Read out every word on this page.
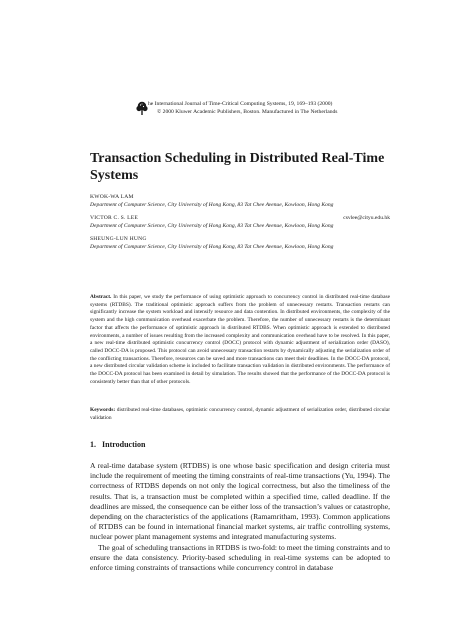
he International Journal of Time-Critical Computing Systems, 19, 169–193 (2000)
© 2000 Kluwer Academic Publishers, Boston. Manufactured in The Netherlands
Transaction Scheduling in Distributed Real-Time Systems
KWOK-WA LAM
Department of Computer Science, City University of Hong Kong, 83 Tat Chee Avenue, Kowloon, Hong Kong
VICTOR C. S. LEE	csvlee@cityu.edu.hk
Department of Computer Science, City University of Hong Kong, 83 Tat Chee Avenue, Kowloon, Hong Kong
SHEUNG-LUN HUNG
Department of Computer Science, City University of Hong Kong, 83 Tat Chee Avenue, Kowloon, Hong Kong
Abstract. In this paper, we study the performance of using optimistic approach to concurrency control in distributed real-time database systems (RTDBS). The traditional optimistic approach suffers from the problem of unnecessary restarts. Transaction restarts can significantly increase the system workload and intensify resource and data contention. In distributed environments, the complexity of the system and the high communication overhead exacerbate the problem. Therefore, the number of unnecessary restarts is the determinant factor that affects the performance of optimistic approach in distributed RTDBS. When optimistic approach is extended to distributed environments, a number of issues resulting from the increased complexity and communication overhead have to be resolved. In this paper, a new real-time distributed optimistic concurrency control (DOCC) protocol with dynamic adjustment of serialization order (DASO), called DOCC-DA is proposed. This protocol can avoid unnecessary transaction restarts by dynamically adjusting the serialization order of the conflicting transactions. Therefore, resources can be saved and more transactions can meet their deadlines. In the DOCC-DA protocol, a new distributed circular validation scheme is included to facilitate transaction validation in distributed environments. The performance of the DOCC-DA protocol has been examined in detail by simulation. The results showed that the performance of the DOCC-DA protocol is consistently better than that of other protocols.
Keywords: distributed real-time databases, optimistic concurrency control, dynamic adjustment of serialization order, distributed circular validation
1. Introduction

A real-time database system (RTDBS) is one whose basic specification and design criteria must include the requirement of meeting the timing constraints of real-time transactions (Yu, 1994). The correctness of RTDBS depends on not only the logical correctness, but also the timeliness of the results. That is, a transaction must be completed within a specified time, called deadline. If the deadlines are missed, the consequence can be either loss of the transaction’s values or catastrophe, depending on the characteristics of the applications (Ramamritham, 1993). Common applications of RTDBS can be found in international financial market systems, air traffic controlling systems, nuclear power plant management systems and integrated manufacturing systems.

The goal of scheduling transactions in RTDBS is two-fold: to meet the timing constraints and to ensure the data consistency. Priority-based scheduling in real-time systems can be adopted to enforce timing constraints of transactions while concurrency control in database
